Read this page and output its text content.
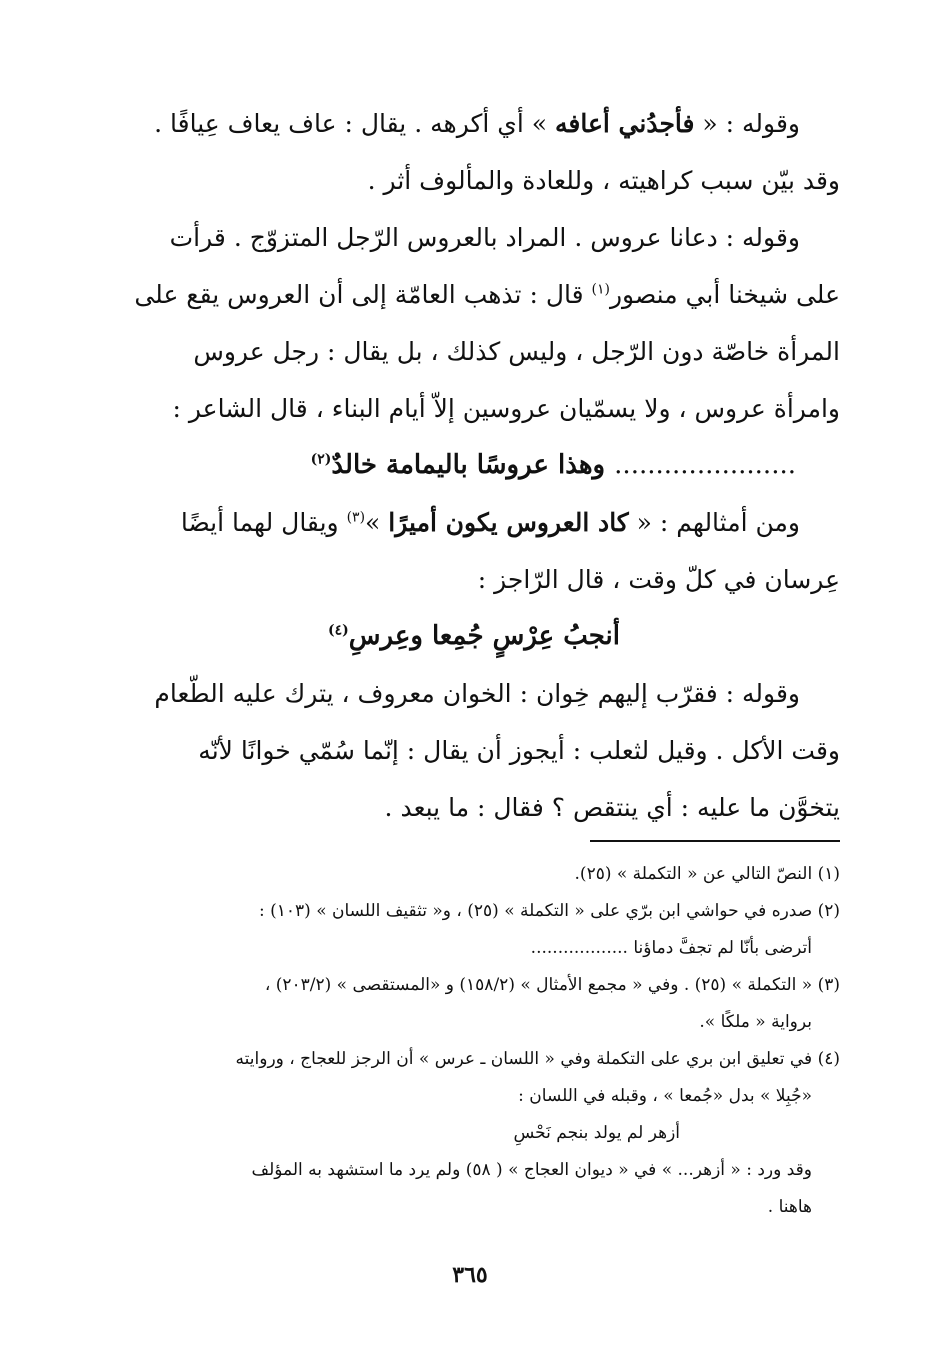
وقوله : « فأجدُني أعافه » أي أكرهه . يقال : عاف يعاف عِيافًا .
وقد بيّن سبب كراهيته ، وللعادة والمألوف أثر .

وقوله : دعانا عروس . المراد بالعروس الرّجل المتزوّج . قرأت
على شيخنا أبي منصور$^{(١)}$ قال : تذهب العامّة إلى أن العروس يقع على
المرأة خاصّة دون الرّجل ، وليس كذلك ، بل يقال : رجل عروس
وامرأة عروس ، ولا يسمّيان عروسين إلاّ أيام البناء ، قال الشاعر :

...................... وهذا عروسًا باليمامة خالدٌ$^{(٢)}$

ومن أمثالهم : « كاد العروس يكون أميرًا »$^{(٣)}$ ويقال لهما أيضًا
عِرسان في كلّ وقت ، قال الرّاجز :

أنجبُ عِرْسٍ جُمِعا وعِرسِ$^{(٤)}$

وقوله : فقرّب إليهم خِوان : الخوان معروف ، يترك عليه الطّعام
وقت الأكل . وقيل لثعلب : أيجوز أن يقال : إنّما سُمّي خوانًا لأنّه
يتخوَّن ما عليه : أي ينتقص ؟ فقال : ما يبعد .

(١) النصّ التالي عن « التكملة » (٢٥).
(٢) صدره في حواشي ابن برّي على « التكملة » (٢٥) ، و« تثقيف اللسان » (١٠٣) :
أترضى بأنّا لم تجفَّ دماؤنا ..................
(٣) « التكملة » (٢٥) . وفي « مجمع الأمثال » (١٥٨/٢) و «المستقصى » (٢٠٣/٢) ،
برواية « ملكًا ».
(٤) في تعليق ابن بري على التكملة وفي « اللسان ـ عرس » أن الرجز للعجاج ، وروايته
«جُبِلا » بدل «جُمعا » ، وقبله في اللسان :
أزهر لم يولد بنجم نَحْسِ
وقد ورد : « أزهر... » في « ديوان العجاج » ( ٥٨) ولم يرد ما استشهد به المؤلف
هاهنا .
٣٦٥
